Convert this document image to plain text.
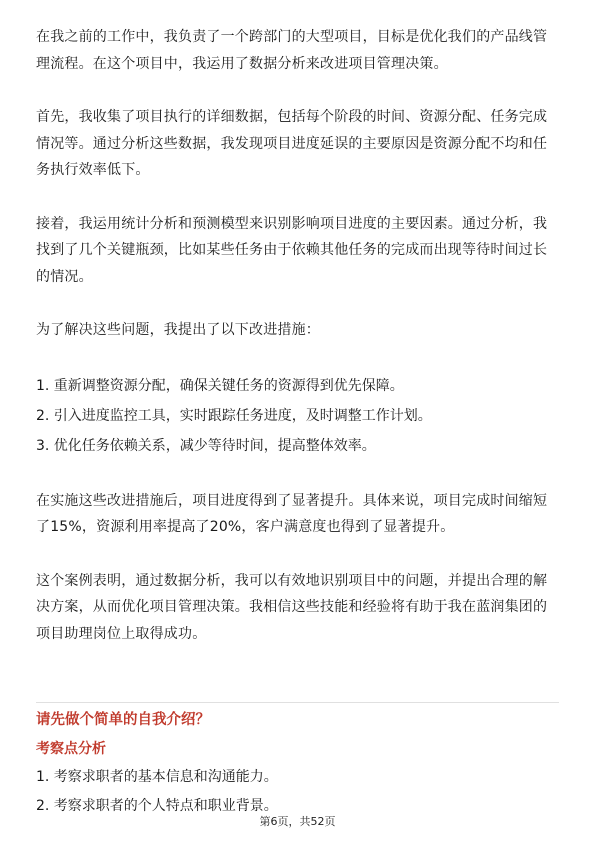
在我之前的工作中，我负责了一个跨部门的大型项目，目标是优化我们的产品线管理流程。在这个项目中，我运用了数据分析来改进项目管理决策。

首先，我收集了项目执行的详细数据，包括每个阶段的时间、资源分配、任务完成情况等。通过分析这些数据，我发现项目进度延误的主要原因是资源分配不均和任务执行效率低下。

接着，我运用统计分析和预测模型来识别影响项目进度的主要因素。通过分析，我找到了几个关键瓶颈，比如某些任务由于依赖其他任务的完成而出现等待时间过长的情况。

为了解决这些问题，我提出了以下改进措施：

1. 重新调整资源分配，确保关键任务的资源得到优先保障。

2. 引入进度监控工具，实时跟踪任务进度，及时调整工作计划。

3. 优化任务依赖关系，减少等待时间，提高整体效率。

在实施这些改进措施后，项目进度得到了显著提升。具体来说，项目完成时间缩短了15%，资源利用率提高了20%，客户满意度也得到了显著提升。

这个案例表明，通过数据分析，我可以有效地识别项目中的问题，并提出合理的解决方案，从而优化项目管理决策。我相信这些技能和经验将有助于我在蓝润集团的项目助理岗位上取得成功。

请先做个简单的自我介绍？

考察点分析

1. 考察求职者的基本信息和沟通能力。

2. 考察求职者的个人特点和职业背景。

第6页，共52页
